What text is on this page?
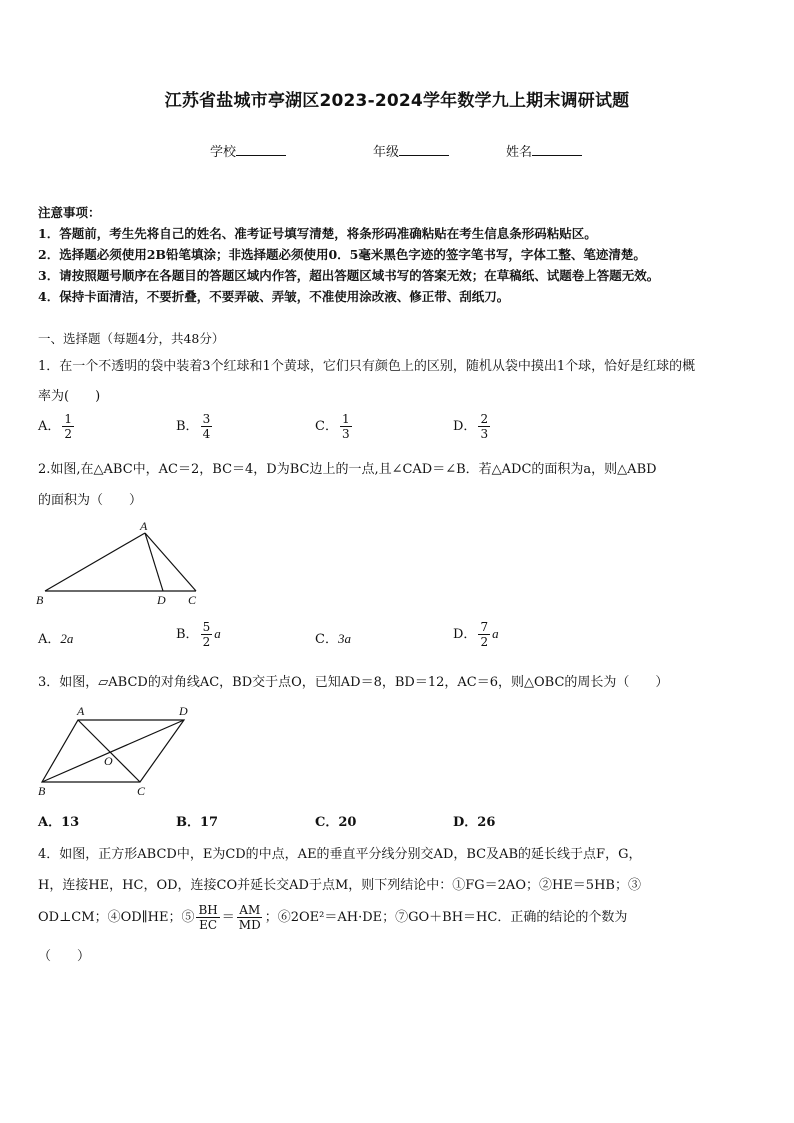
江苏省盐城市亭湖区2023-2024学年数学九上期末调研试题
学校	年级	姓名
注意事项：
1．答题前，考生先将自己的姓名、准考证号填写清楚，将条形码准确粘贴在考生信息条形码粘贴区。
2．选择题必须使用2B铅笔填涂；非选择题必须使用0．5毫米黑色字迹的签字笔书写，字体工整、笔迹清楚。
3．请按照题号顺序在各题目的答题区域内作答，超出答题区域书写的答案无效；在草稿纸、试题卷上答题无效。
4．保持卡面清洁，不要折叠，不要弄破、弄皱，不准使用涂改液、修正带、刮纸刀。
一、选择题（每题4分，共48分）
1．在一个不透明的袋中装着3个红球和1个黄球，它们只有颜色上的区别，随机从袋中摸出1个球，恰好是红球的概
率为(　　)
A． $\frac{1}{2}$	B． $\frac{3}{4}$	C． $\frac{1}{3}$	D． $\frac{2}{3}$
2.如图,在△ABC中，AC＝2，BC＝4，D为BC边上的一点,且∠CAD＝∠B．若△ADC的面积为a，则△ABD
的面积为（　　）
A
B	D C
A．2a	B． $\frac{5}{2}$ a	C．3a	D． $\frac{7}{2}$ a
3．如图，▱ABCD的对角线AC，BD交于点O，已知AD＝8，BD＝12，AC＝6，则△OBC的周长为（　　）
A	D
O
B	C
A．13	B．17	C．20	D．26
4．如图，正方形ABCD中，E为CD的中点，AE的垂直平分线分别交AD，BC及AB的延长线于点F，G，
H，连接HE，HC，OD，连接CO并延长交AD于点M，则下列结论中：①FG＝2AO；②HE＝5HB；③
OD⊥CM；④OD∥HE；⑤ $\frac{BH}{EC} = \frac{AM}{MD}$ ；⑥2OE²＝AH·DE；⑦GO＋BH＝HC．正确的结论的个数为
（　　）
